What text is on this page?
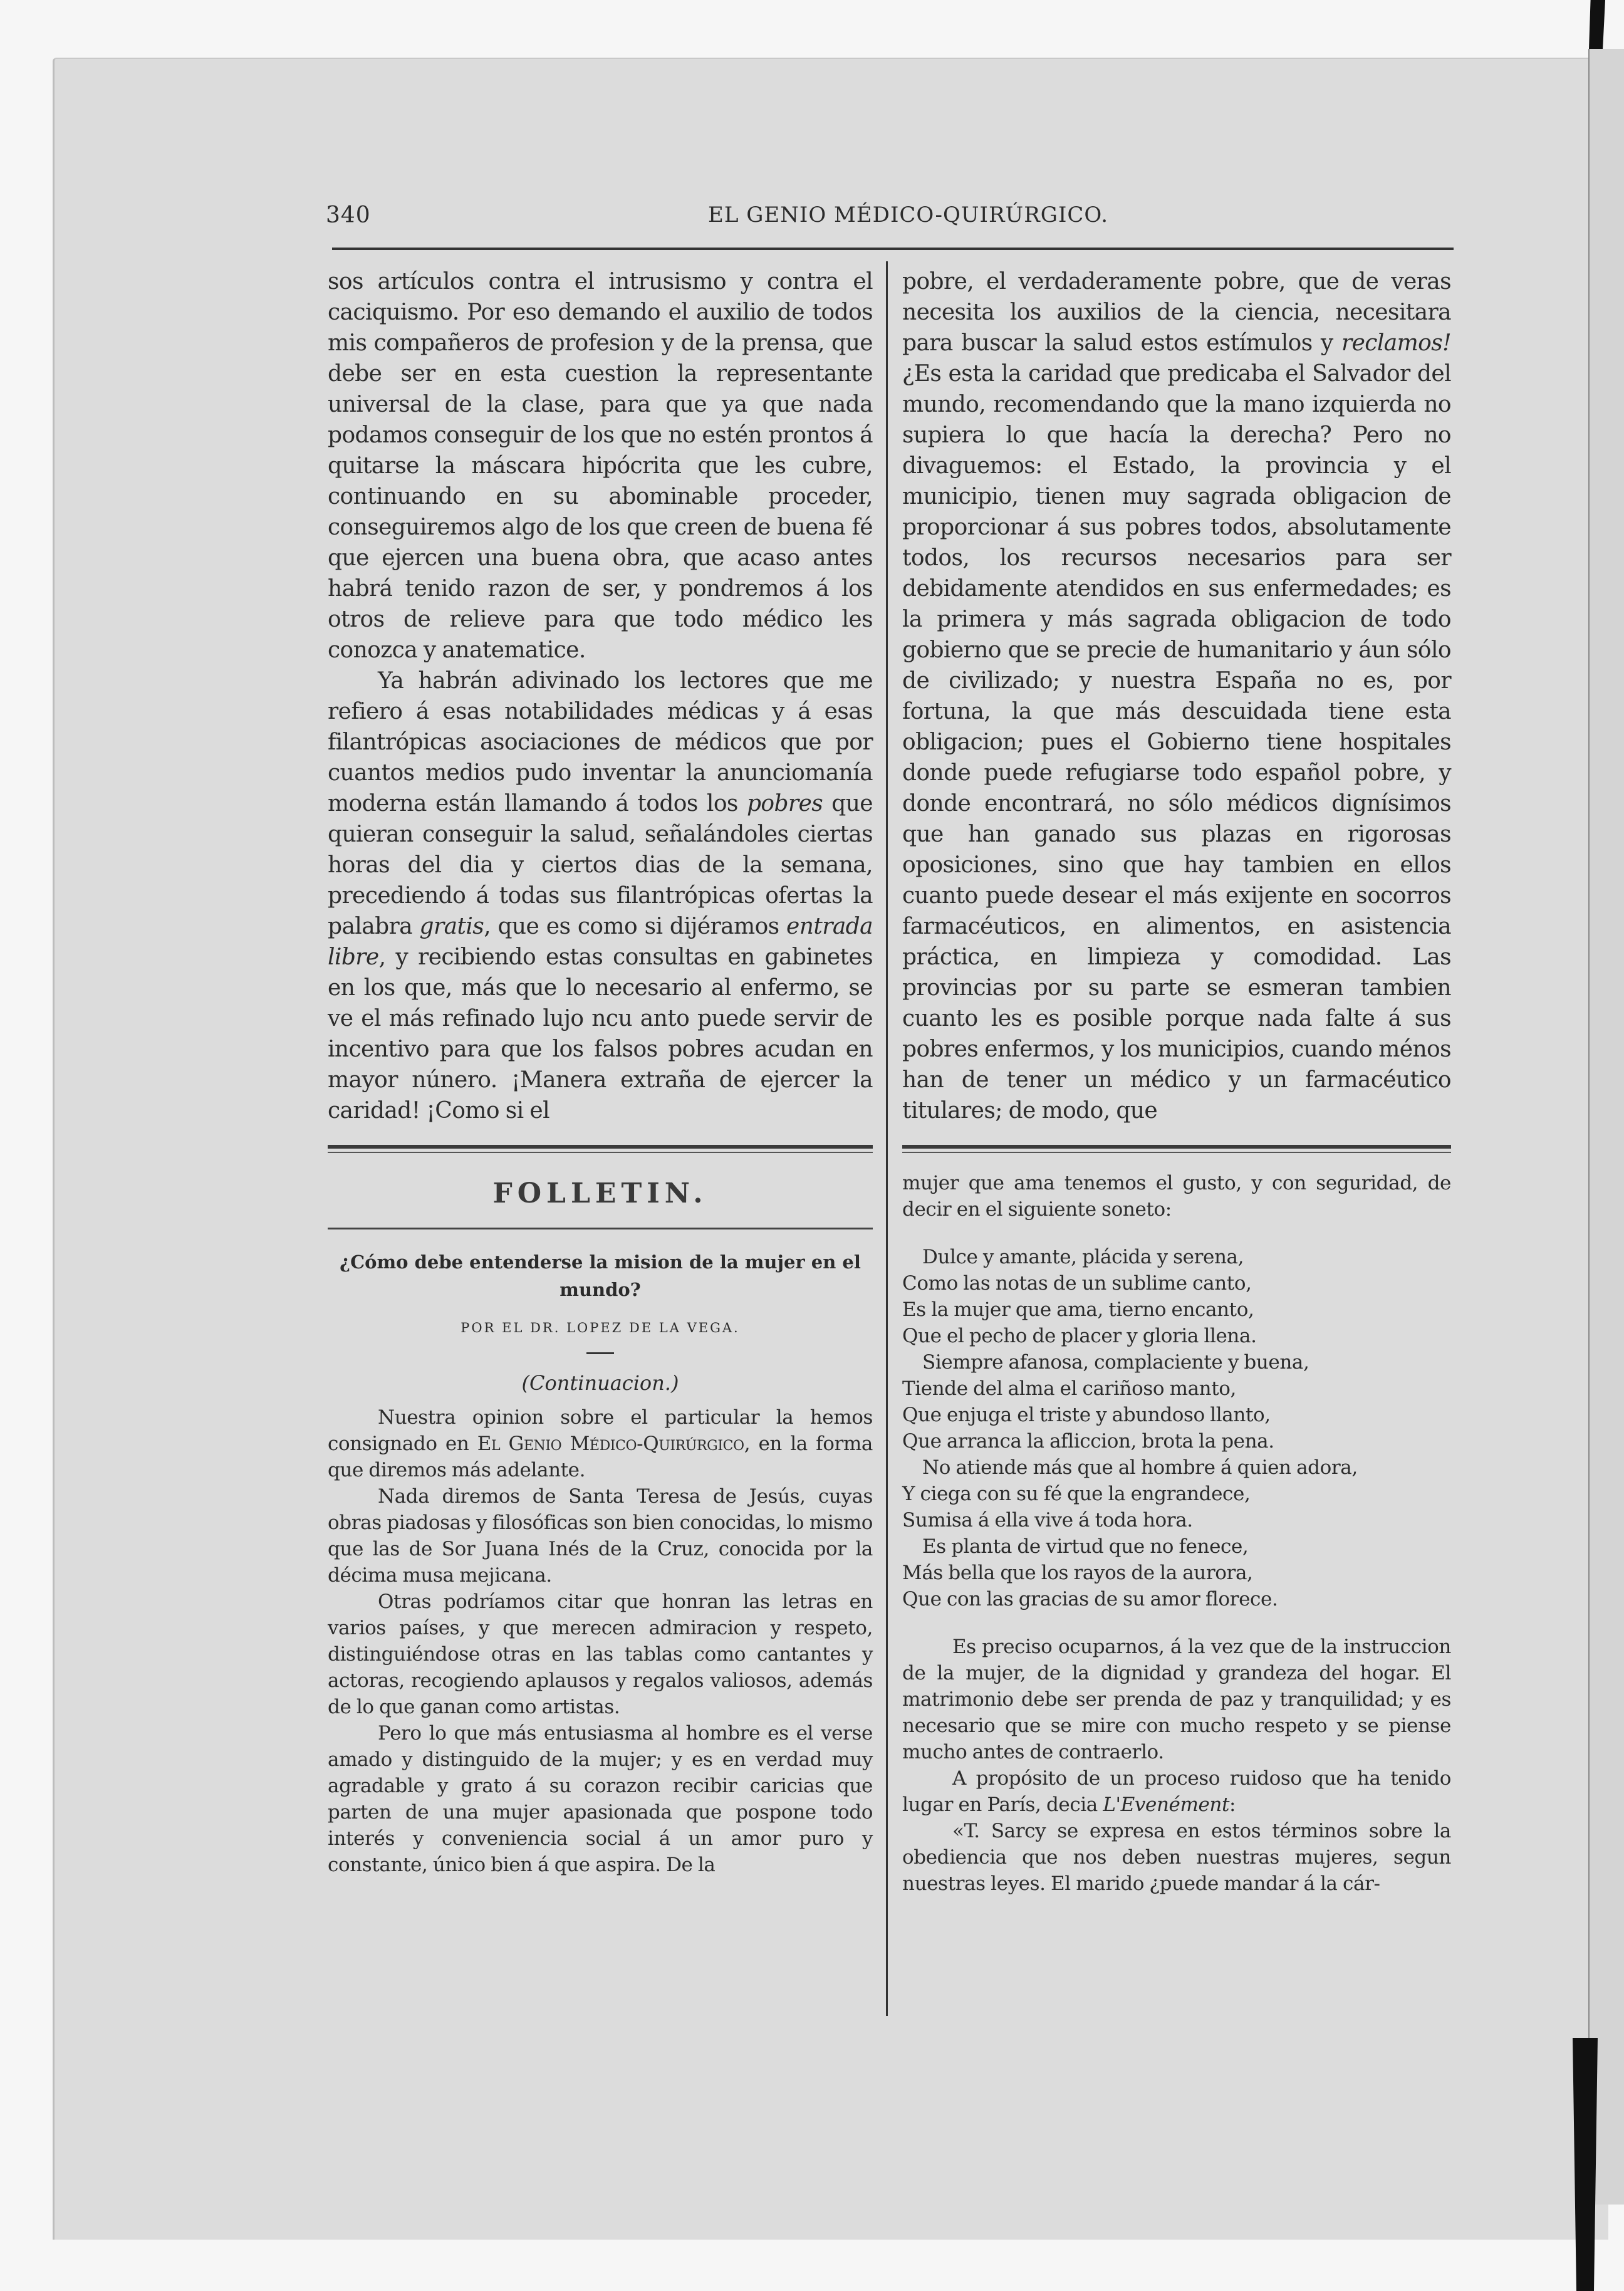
340	EL GENIO MÉDICO-QUIRÚRGICO.

sos artículos contra el intrusismo y contra el caciquismo. Por eso demando el auxilio de todos mis compañeros de profesion y de la prensa, que debe ser en esta cuestion la representante universal de la clase, para que ya que nada podamos conseguir de los que no estén prontos á quitarse la máscara hipócrita que les cubre, continuando en su abominable proceder, conseguiremos algo de los que creen de buena fé que ejercen una buena obra, que acaso antes habrá tenido razon de ser, y pondremos á los otros de relieve para que todo médico les conozca y anatematice.

Ya habrán adivinado los lectores que me refiero á esas notabilidades médicas y á esas filantrópicas asociaciones de médicos que por cuantos medios pudo inventar la anunciomanía moderna están llamando á todos los pobres que quieran conseguir la salud, señalándoles ciertas horas del dia y ciertos dias de la semana, precediendo á todas sus filantrópicas ofertas la palabra gratis, que es como si dijéramos entrada libre, y recibiendo estas consultas en gabinetes en los que, más que lo necesario al enfermo, se ve el más refinado lujo ncu anto puede servir de incentivo para que los falsos pobres acudan en mayor núnero. ¡Manera extraña de ejercer la caridad! ¡Como si el

FOLLETIN.
¿Cómo debe entenderse la mision de la mujer en el mundo?
POR EL DR. LOPEZ DE LA VEGA.
(Continuacion.)

Nuestra opinion sobre el particular la hemos consignado en El Genio Médico-Quirúrgico, en la forma que diremos más adelante.

Nada diremos de Santa Teresa de Jesús, cuyas obras piadosas y filosóficas son bien conocidas, lo mismo que las de Sor Juana Inés de la Cruz, conocida por la décima musa mejicana.

Otras podríamos citar que honran las letras en varios países, y que merecen admiracion y respeto, distinguiéndose otras en las tablas como cantantes y actoras, recogiendo aplausos y regalos valiosos, además de lo que ganan como artistas.

Pero lo que más entusiasma al hombre es el verse amado y distinguido de la mujer; y es en verdad muy agradable y grato á su corazon recibir caricias que parten de una mujer apasionada que pospone todo interés y conveniencia social á un amor puro y constante, único bien á que aspira. De la

pobre, el verdaderamente pobre, que de veras necesita los auxilios de la ciencia, necesitara para buscar la salud estos estímulos y reclamos! ¿Es esta la caridad que predicaba el Salvador del mundo, recomendando que la mano izquierda no supiera lo que hacía la derecha? Pero no divaguemos: el Estado, la provincia y el municipio, tienen muy sagrada obligacion de proporcionar á sus pobres todos, absolutamente todos, los recursos necesarios para ser debidamente atendidos en sus enfermedades; es la primera y más sagrada obligacion de todo gobierno que se precie de humanitario y áun sólo de civilizado; y nuestra España no es, por fortuna, la que más descuidada tiene esta obligacion; pues el Gobierno tiene hospitales donde puede refugiarse todo español pobre, y donde encontrará, no sólo médicos dignísimos que han ganado sus plazas en rigorosas oposiciones, sino que hay tambien en ellos cuanto puede desear el más exijente en socorros farmacéuticos, en alimentos, en asistencia práctica, en limpieza y comodidad. Las provincias por su parte se esmeran tambien cuanto les es posible porque nada falte á sus pobres enfermos, y los municipios, cuando ménos han de tener un médico y un farmacéutico titulares; de modo, que

mujer que ama tenemos el gusto, y con seguridad, de decir en el siguiente soneto:

Dulce y amante, plácida y serena,
Como las notas de un sublime canto,
Es la mujer que ama, tierno encanto,
Que el pecho de placer y gloria llena.
Siempre afanosa, complaciente y buena,
Tiende del alma el cariñoso manto,
Que enjuga el triste y abundoso llanto,
Que arranca la afliccion, brota la pena.
No atiende más que al hombre á quien adora,
Y ciega con su fé que la engrandece,
Sumisa á ella vive á toda hora.
Es planta de virtud que no fenece,
Más bella que los rayos de la aurora,
Que con las gracias de su amor florece.

Es preciso ocuparnos, á la vez que de la instruccion de la mujer, de la dignidad y grandeza del hogar. El matrimonio debe ser prenda de paz y tranquilidad; y es necesario que se mire con mucho respeto y se piense mucho antes de contraerlo.

A propósito de un proceso ruidoso que ha tenido lugar en París, decia L'Evenément:

«T. Sarcy se expresa en estos términos sobre la obediencia que nos deben nuestras mujeres, segun nuestras leyes. El marido ¿puede mandar á la cár-
